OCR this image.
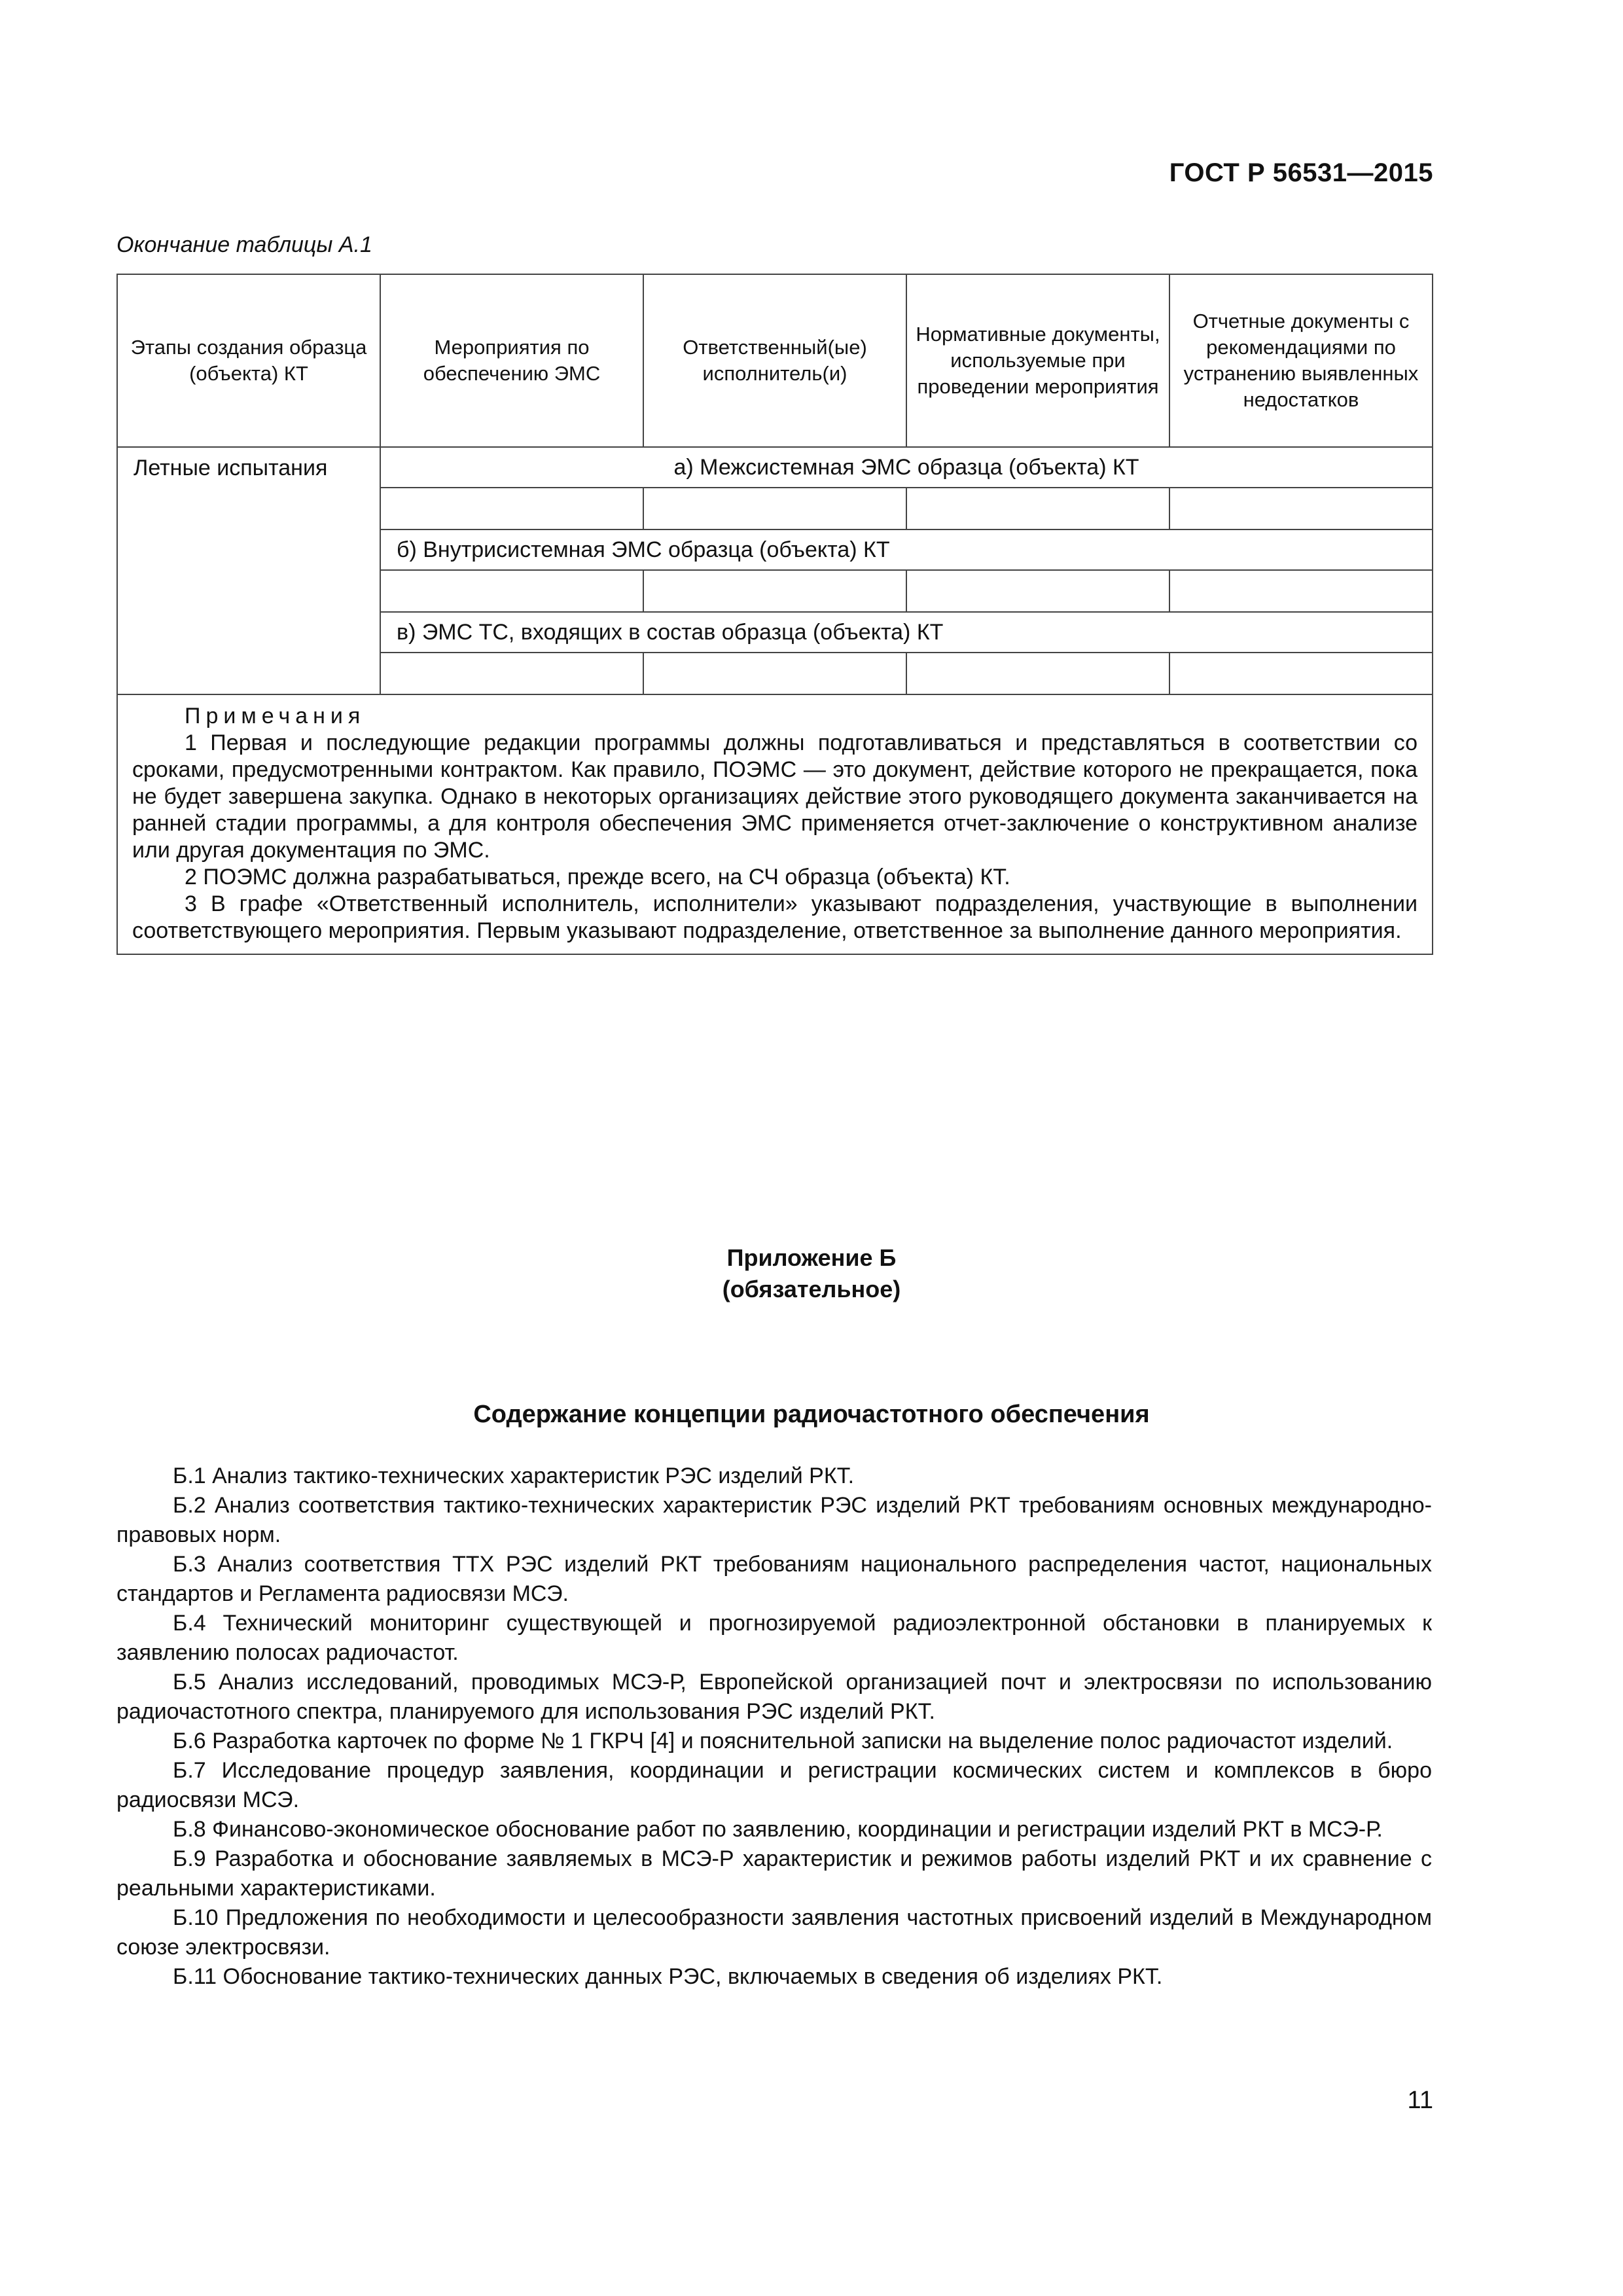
ГОСТ Р 56531—2015
Окончание таблицы А.1
Этапы создания образца (объекта) КТ	Мероприятия по обеспечению ЭМС	Ответственный(ые) исполнитель(и)	Нормативные документы, используемые при проведении мероприятия	Отчетные документы с рекомендациями по устранению выявленных недостатков
Летные испытания	а) Межсистемная ЭМС образца (объекта) КТ			

	б) Внутрисистемная ЭМС образца (объекта) КТ			

	в) ЭМС ТС, входящих в состав образца (объекта) КТ			

Примечания
1 Первая и последующие редакции программы должны подготавливаться и представляться в соответствии со сроками, предусмотренными контрактом. Как правило, ПОЭМС — это документ, действие которого не прекращается, пока не будет завершена закупка. Однако в некоторых организациях действие этого руководящего документа заканчивается на ранней стадии программы, а для контроля обеспечения ЭМС применяется отчет-заключение о конструктивном анализе или другая документация по ЭМС.
2 ПОЭМС должна разрабатываться, прежде всего, на СЧ образца (объекта) КТ.
3 В графе «Ответственный исполнитель, исполнители» указывают подразделения, участвующие в выполнении соответствующего мероприятия. Первым указывают подразделение, ответственное за выполнение данного мероприятия.				
Приложение Б
(обязательное)
Содержание концепции радиочастотного обеспечения

Б.1 Анализ тактико-технических характеристик РЭС изделий РКТ.

Б.2 Анализ соответствия тактико-технических характеристик РЭС изделий РКТ требованиям основных международно-правовых норм.

Б.3 Анализ соответствия ТТХ РЭС изделий РКТ требованиям национального распределения частот, национальных стандартов и Регламента радиосвязи МСЭ.

Б.4 Технический мониторинг существующей и прогнозируемой радиоэлектронной обстановки в планируемых к заявлению полосах радиочастот.

Б.5 Анализ исследований, проводимых МСЭ-Р, Европейской организацией почт и электросвязи по использованию радиочастотного спектра, планируемого для использования РЭС изделий РКТ.

Б.6 Разработка карточек по форме № 1 ГКРЧ [4] и пояснительной записки на выделение полос радиочастот изделий.

Б.7 Исследование процедур заявления, координации и регистрации космических систем и комплексов в бюро радиосвязи МСЭ.

Б.8 Финансово-экономическое обоснование работ по заявлению, координации и регистрации изделий РКТ в МСЭ-Р.

Б.9 Разработка и обоснование заявляемых в МСЭ-Р характеристик и режимов работы изделий РКТ и их сравнение с реальными характеристиками.

Б.10 Предложения по необходимости и целесообразности заявления частотных присвоений изделий в Международном союзе электросвязи.

Б.11 Обоснование тактико-технических данных РЭС, включаемых в сведения об изделиях РКТ.

11
